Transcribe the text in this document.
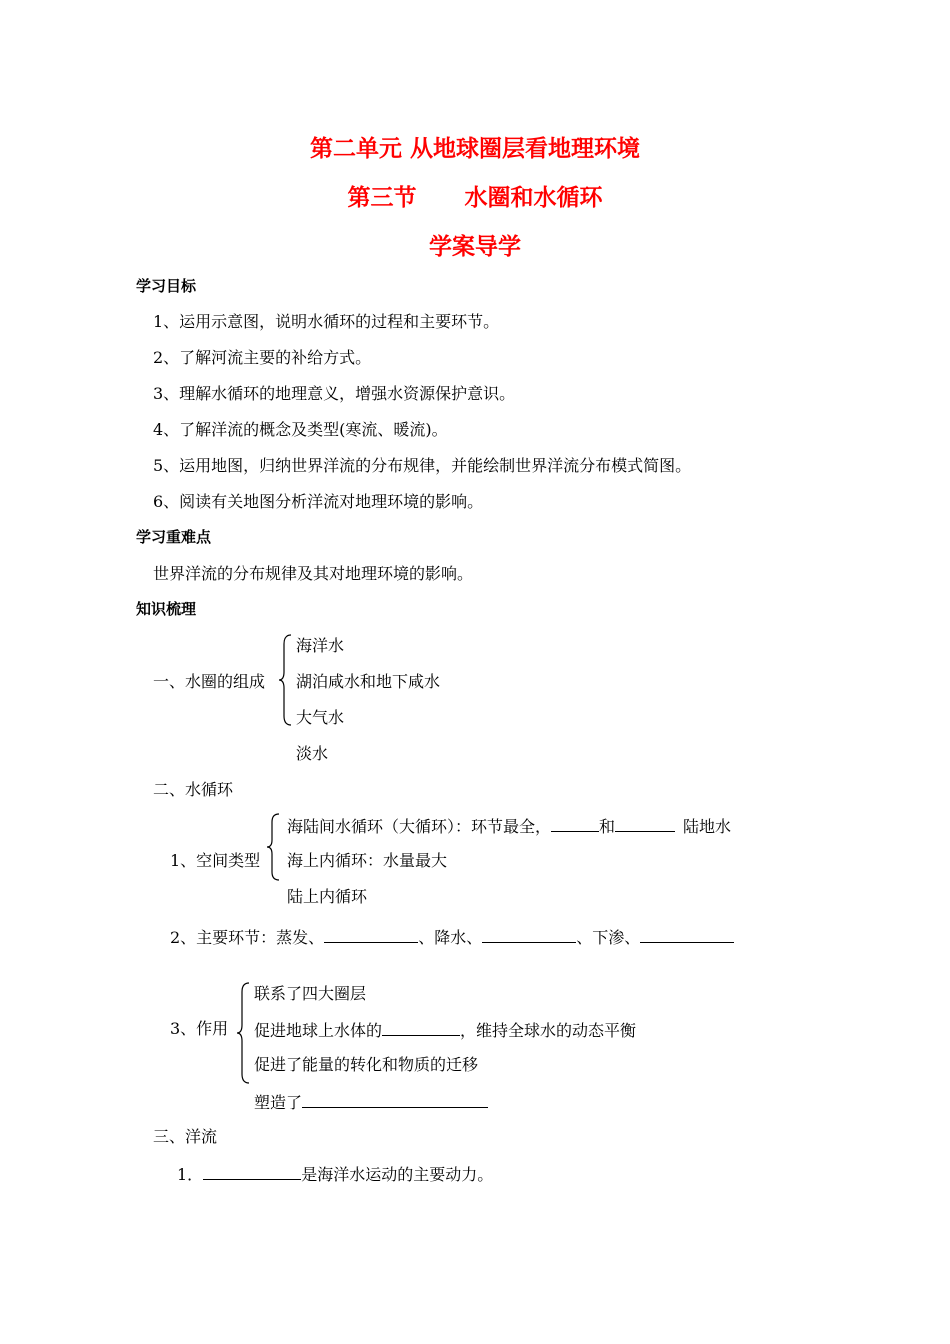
第二单元 从地球圈层看地理环境
第三节 水圈和水循环
学案导学
学习目标
1、运用示意图，说明水循环的过程和主要环节。
2、了解河流主要的补给方式。
3、理解水循环的地理意义，增强水资源保护意识。
4、了解洋流的概念及类型(寒流、暖流)。
5、运用地图，归纳世界洋流的分布规律，并能绘制世界洋流分布模式简图。
6、阅读有关地图分析洋流对地理环境的影响。
学习重难点
世界洋流的分布规律及其对地理环境的影响。
知识梳理
一、水圈的组成
海洋水
湖泊咸水和地下咸水
大气水
淡水
二、水循环
1、空间类型
海陆间水循环（大循环）：环节最全，	和	陆地水
海上内循环：水量最大
陆上内循环
2、主要环节：蒸发、	、降水、	、下渗、
3、作用
联系了四大圈层
促进地球上水体的	，维持全球水的动态平衡
促进了能量的转化和物质的迁移
塑造了
三、洋流
1．	是海洋水运动的主要动力。
